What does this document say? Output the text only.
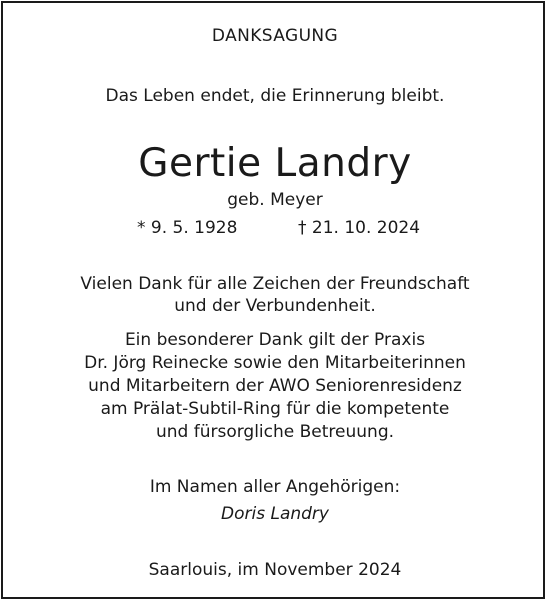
DANKSAGUNG

Das Leben endet, die Erinnerung bleibt.

Gertie Landry

geb. Meyer

* 9. 5. 1928	† 21. 10. 2024

Vielen Dank für alle Zeichen der Freundschaft

und der Verbundenheit.

Ein besonderer Dank gilt der Praxis

Dr. Jörg Reinecke sowie den Mitarbeiterinnen

und Mitarbeitern der AWO Seniorenresidenz

am Prälat-Subtil-Ring für die kompetente

und fürsorgliche Betreuung.

Im Namen aller Angehörigen:

Doris Landry

Saarlouis, im November 2024
